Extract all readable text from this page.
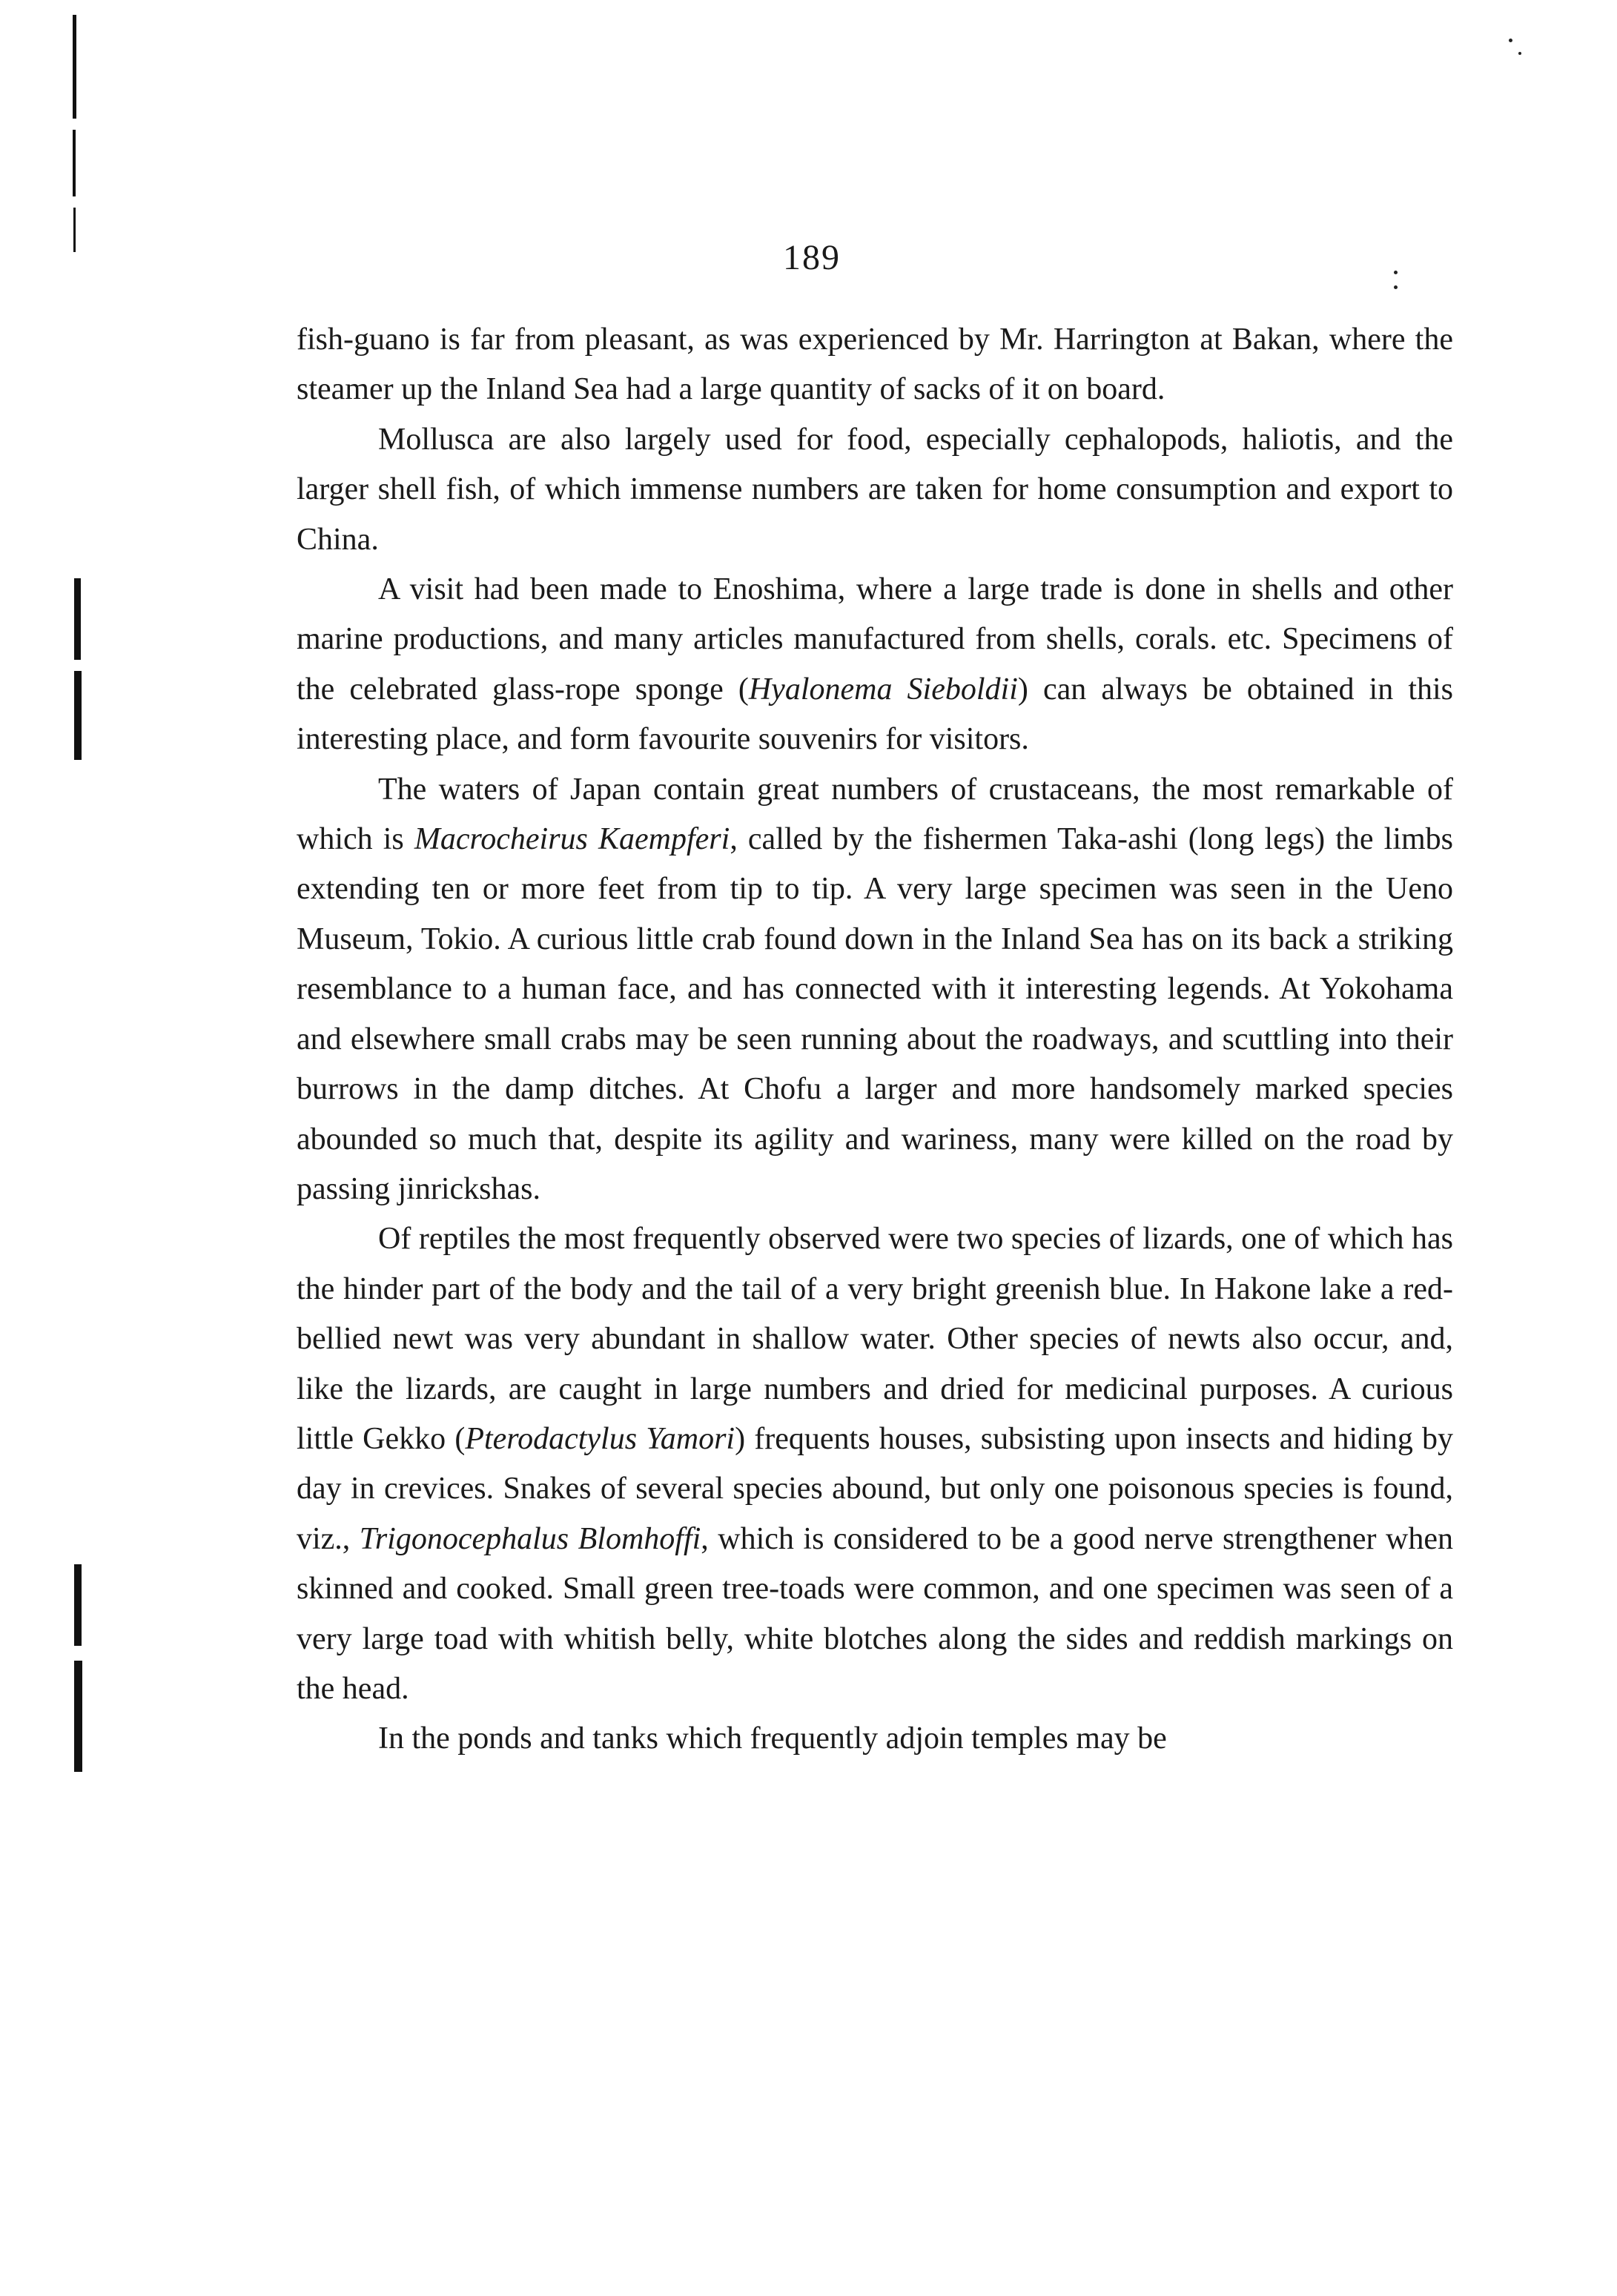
189

fish-guano is far from pleasant, as was experienced by Mr. Harrington at Bakan, where the steamer up the Inland Sea had a large quantity of sacks of it on board.

Mollusca are also largely used for food, especially cephalopods, haliotis, and the larger shell fish, of which immense numbers are taken for home consumption and export to China.

A visit had been made to Enoshima, where a large trade is done in shells and other marine productions, and many articles manufactured from shells, corals. etc. Specimens of the celebrated glass-rope sponge (Hyalonema Sieboldii) can always be obtained in this interesting place, and form favourite souvenirs for visitors.

The waters of Japan contain great numbers of crustaceans, the most remarkable of which is Macrocheirus Kaempferi, called by the fishermen Taka-ashi (long legs) the limbs extending ten or more feet from tip to tip. A very large specimen was seen in the Ueno Museum, Tokio. A curious little crab found down in the Inland Sea has on its back a striking resemblance to a human face, and has connected with it interesting legends. At Yokohama and elsewhere small crabs may be seen running about the roadways, and scuttling into their burrows in the damp ditches. At Chofu a larger and more handsomely marked species abounded so much that, despite its agility and wariness, many were killed on the road by passing jinrickshas.

Of reptiles the most frequently observed were two species of lizards, one of which has the hinder part of the body and the tail of a very bright greenish blue. In Hakone lake a red-bellied newt was very abundant in shallow water. Other species of newts also occur, and, like the lizards, are caught in large numbers and dried for medicinal purposes. A curious little Gekko (Pterodactylus Yamori) frequents houses, subsisting upon insects and hiding by day in crevices. Snakes of several species abound, but only one poisonous species is found, viz., Trigonocephalus Blomhoffi, which is considered to be a good nerve strengthener when skinned and cooked. Small green tree-toads were common, and one specimen was seen of a very large toad with whitish belly, white blotches along the sides and reddish markings on the head.

In the ponds and tanks which frequently adjoin temples may be
